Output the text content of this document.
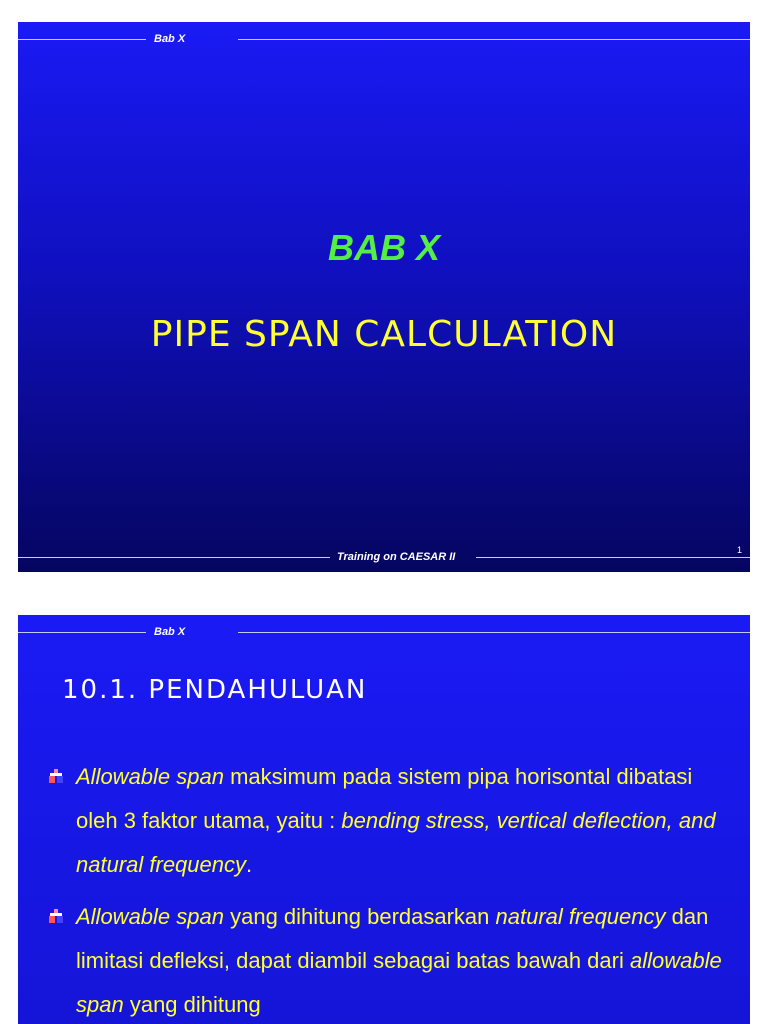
Bab X
BAB X
PIPE SPAN CALCULATION
Training on CAESAR II
1
Bab X
10.1. PENDAHULUAN
Allowable span maksimum pada sistem pipa horisontal dibatasi oleh 3 faktor utama, yaitu : bending stress, vertical deflection, and natural frequency.
Allowable span yang dihitung berdasarkan natural frequency dan limitasi defleksi, dapat diambil sebagai batas bawah dari allowable span yang dihitung
